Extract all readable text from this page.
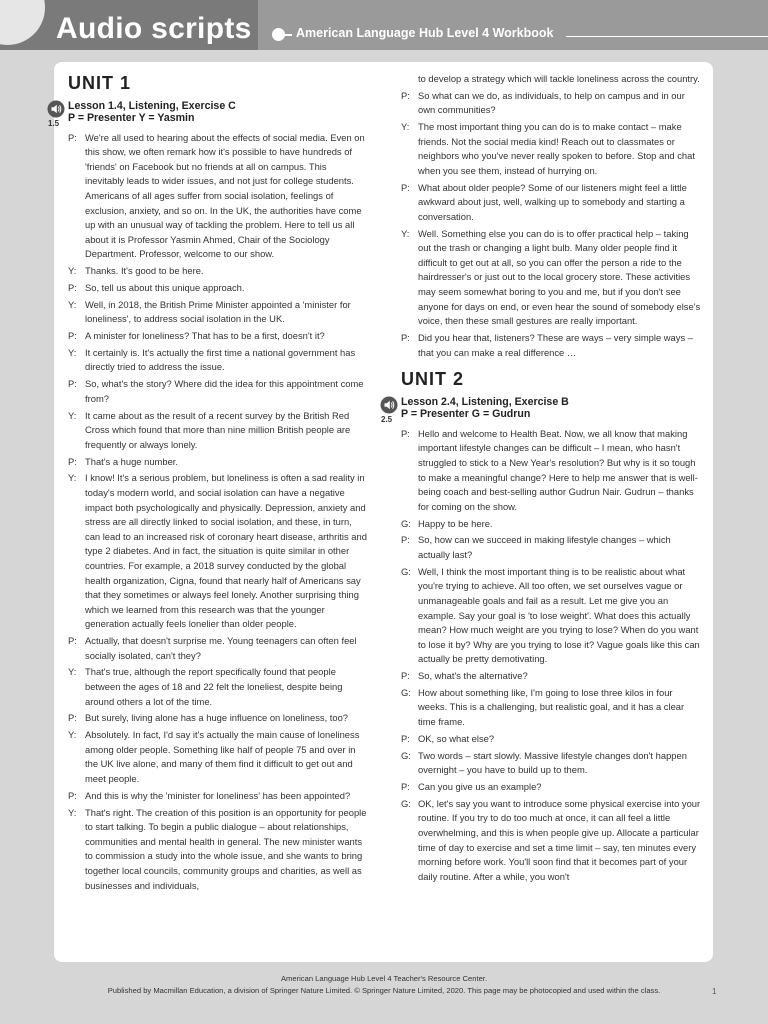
Audio scripts	American Language Hub Level 4 Workbook
UNIT 1
1.5
Lesson 1.4, Listening, Exercise C
P = Presenter Y = Yasmin
P: We're all used to hearing about the effects of social media. Even on this show, we often remark how it's possible to have hundreds of 'friends' on Facebook but no friends at all on campus. This inevitably leads to wider issues, and not just for college students. Americans of all ages suffer from social isolation, feelings of exclusion, anxiety, and so on. In the UK, the authorities have come up with an unusual way of tackling the problem. Here to tell us all about it is Professor Yasmin Ahmed, Chair of the Sociology Department. Professor, welcome to our show.
Y: Thanks. It's good to be here.
P: So, tell us about this unique approach.
Y: Well, in 2018, the British Prime Minister appointed a 'minister for loneliness', to address social isolation in the UK.
P: A minister for loneliness? That has to be a first, doesn't it?
Y: It certainly is. It's actually the first time a national government has directly tried to address the issue.
P: So, what's the story? Where did the idea for this appointment come from?
Y: It came about as the result of a recent survey by the British Red Cross which found that more than nine million British people are frequently or always lonely.
P: That's a huge number.
Y: I know! It's a serious problem, but loneliness is often a sad reality in today's modern world, and social isolation can have a negative impact both psychologically and physically. Depression, anxiety and stress are all directly linked to social isolation, and these, in turn, can lead to an increased risk of coronary heart disease, arthritis and type 2 diabetes. And in fact, the situation is quite similar in other countries. For example, a 2018 survey conducted by the global health organization, Cigna, found that nearly half of Americans say that they sometimes or always feel lonely. Another surprising thing which we learned from this research was that the younger generation actually feels lonelier than older people.
P: Actually, that doesn't surprise me. Young teenagers can often feel socially isolated, can't they?
Y: That's true, although the report specifically found that people between the ages of 18 and 22 felt the loneliest, despite being around others a lot of the time.
P: But surely, living alone has a huge influence on loneliness, too?
Y: Absolutely. In fact, I'd say it's actually the main cause of loneliness among older people. Something like half of people 75 and over in the UK live alone, and many of them find it difficult to get out and meet people.
P: And this is why the 'minister for loneliness' has been appointed?
Y: That's right. The creation of this position is an opportunity for people to start talking. To begin a public dialogue – about relationships, communities and mental health in general. The new minister wants to commission a study into the whole issue, and she wants to bring together local councils, community groups and charities, as well as businesses and individuals,
to develop a strategy which will tackle loneliness across the country.
P: So what can we do, as individuals, to help on campus and in our own communities?
Y: The most important thing you can do is to make contact – make friends. Not the social media kind! Reach out to classmates or neighbors who you've never really spoken to before. Stop and chat when you see them, instead of hurrying on.
P: What about older people? Some of our listeners might feel a little awkward about just, well, walking up to somebody and starting a conversation.
Y: Well. Something else you can do is to offer practical help – taking out the trash or changing a light bulb. Many older people find it difficult to get out at all, so you can offer the person a ride to the hairdresser's or just out to the local grocery store. These activities may seem somewhat boring to you and me, but if you don't see anyone for days on end, or even hear the sound of somebody else's voice, then these small gestures are really important.
P: Did you hear that, listeners? These are ways – very simple ways – that you can make a real difference …
UNIT 2
2.5
Lesson 2.4, Listening, Exercise B
P = Presenter G = Gudrun
P: Hello and welcome to Health Beat. Now, we all know that making important lifestyle changes can be difficult – I mean, who hasn't struggled to stick to a New Year's resolution? But why is it so tough to make a meaningful change? Here to help me answer that is well-being coach and best-selling author Gudrun Nair. Gudrun – thanks for coming on the show.
G: Happy to be here.
P: So, how can we succeed in making lifestyle changes – which actually last?
G: Well, I think the most important thing is to be realistic about what you're trying to achieve. All too often, we set ourselves vague or unmanageable goals and fail as a result. Let me give you an example. Say your goal is 'to lose weight'. What does this actually mean? How much weight are you trying to lose? When do you want to lose it by? Why are you trying to lose it? Vague goals like this can actually be pretty demotivating.
P: So, what's the alternative?
G: How about something like, I'm going to lose three kilos in four weeks. This is a challenging, but realistic goal, and it has a clear time frame.
P: OK, so what else?
G: Two words – start slowly. Massive lifestyle changes don't happen overnight – you have to build up to them.
P: Can you give us an example?
G: OK, let's say you want to introduce some physical exercise into your routine. If you try to do too much at once, it can all feel a little overwhelming, and this is when people give up. Allocate a particular time of day to exercise and set a time limit – say, ten minutes every morning before work. You'll soon find that it becomes part of your daily routine. After a while, you won't
American Language Hub Level 4 Teacher's Resource Center.
Published by Macmillan Education, a division of Springer Nature Limited. © Springer Nature Limited, 2020. This page may be photocopied and used within the class.	1
